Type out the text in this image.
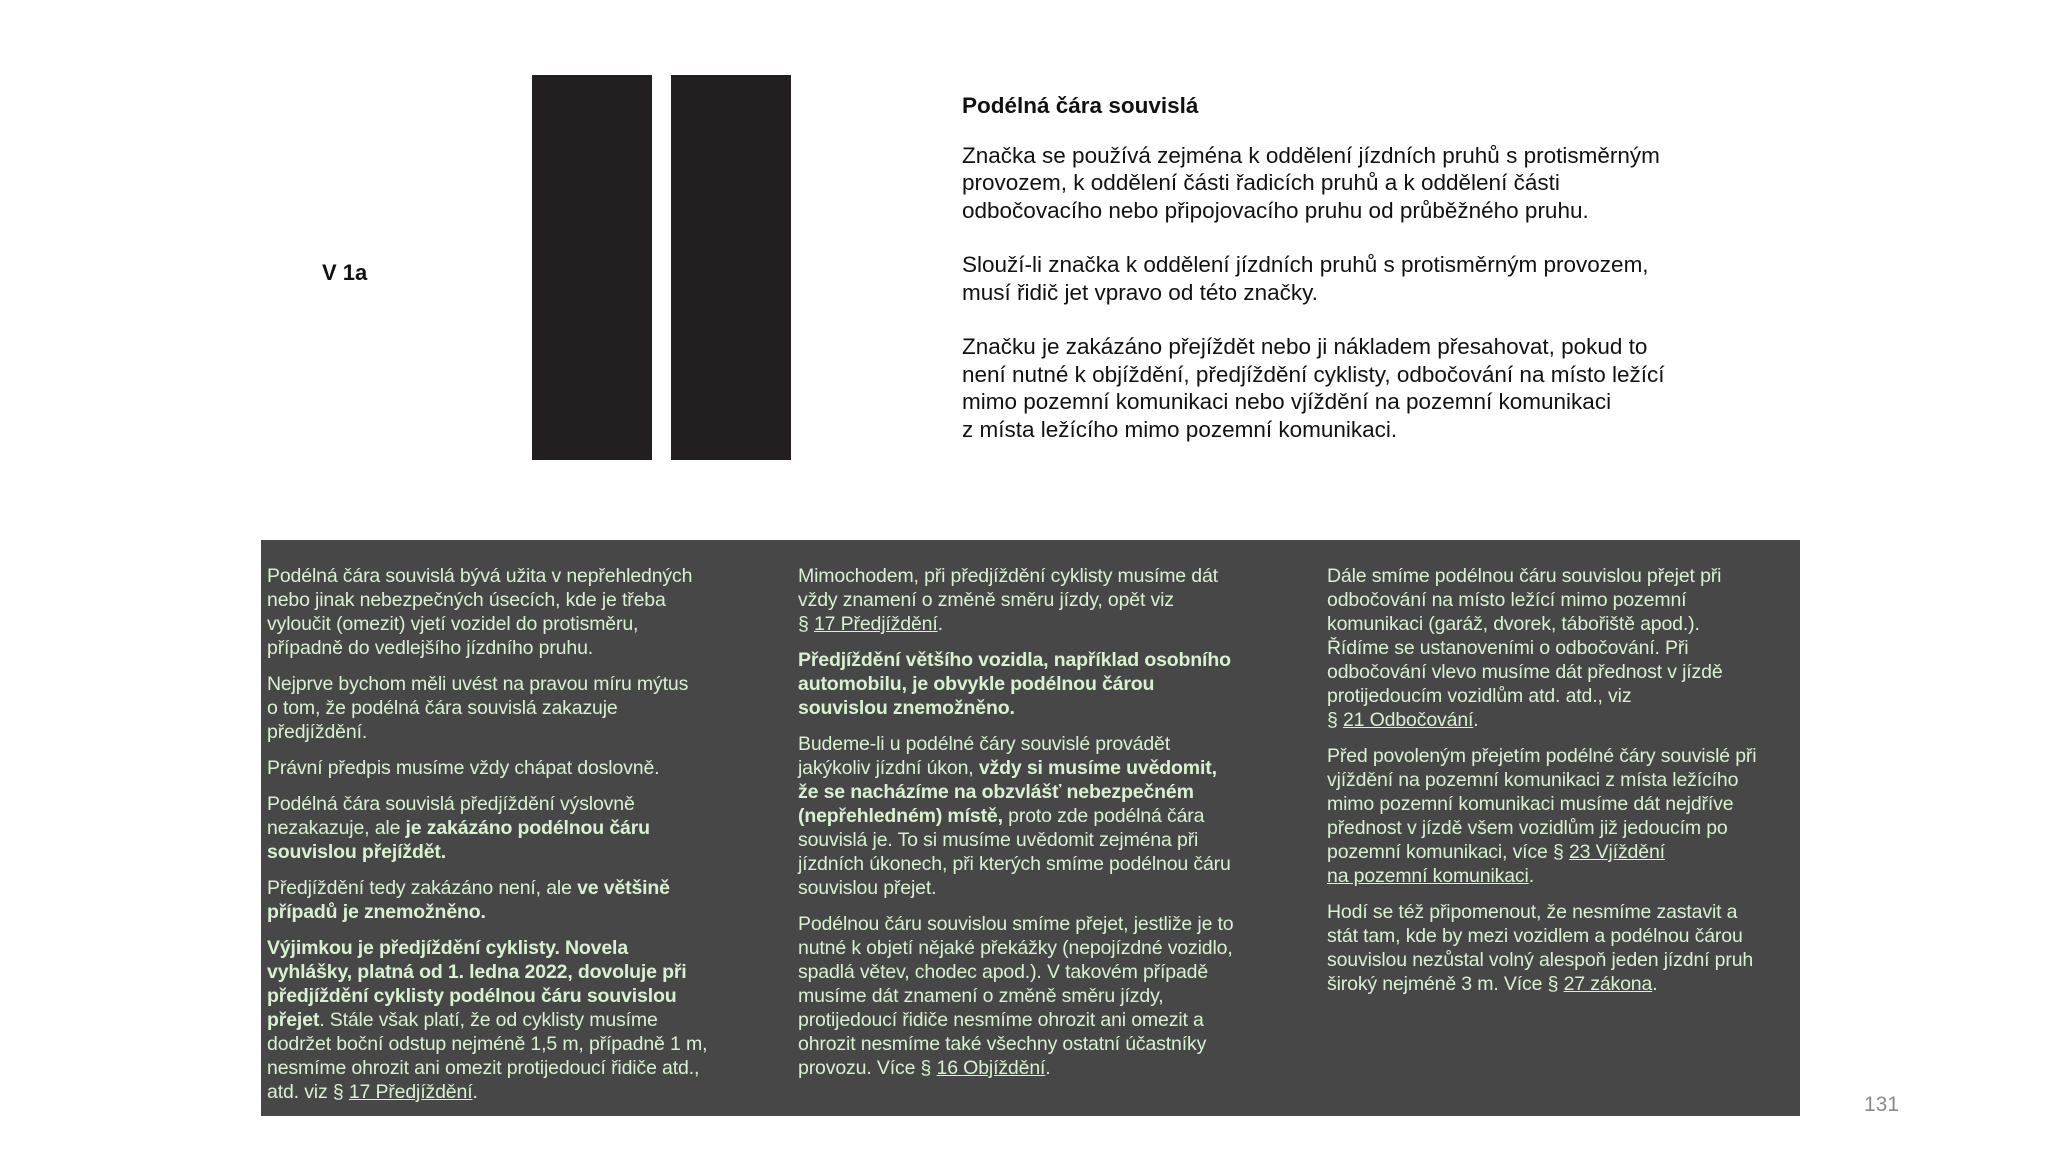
V 1a
Podélná čára souvislá

Značka se používá zejména k oddělení jízdních pruhů s protisměrným
provozem, k oddělení části řadicích pruhů a k oddělení části
odbočovacího nebo připojovacího pruhu od průběžného pruhu.

Slouží-li značka k oddělení jízdních pruhů s protisměrným provozem,
musí řidič jet vpravo od této značky.

Značku je zakázáno přejíždět nebo ji nákladem přesahovat, pokud to
není nutné k objíždění, předjíždění cyklisty, odbočování na místo ležící
mimo pozemní komunikaci nebo vjíždění na pozemní komunikaci
z místa ležícího mimo pozemní komunikaci.

Podélná čára souvislá bývá užita v nepřehledných
nebo jinak nebezpečných úsecích, kde je třeba
vyloučit (omezit) vjetí vozidel do protisměru,
případně do vedlejšího jízdního pruhu.

Nejprve bychom měli uvést na pravou míru mýtus
o tom, že podélná čára souvislá zakazuje
předjíždění.

Právní předpis musíme vždy chápat doslovně.

Podélná čára souvislá předjíždění výslovně
nezakazuje, ale je zakázáno podélnou čáru
souvislou přejíždět.

Předjíždění tedy zakázáno není, ale ve většině
případů je znemožněno.

Výjimkou je předjíždění cyklisty. Novela
vyhlášky, platná od 1. ledna 2022, dovoluje při
předjíždění cyklisty podélnou čáru souvislou
přejet. Stále však platí, že od cyklisty musíme
dodržet boční odstup nejméně 1,5 m, případně 1 m,
nesmíme ohrozit ani omezit protijedoucí řidiče atd.,
atd. viz § 17 Předjíždění.

Mimochodem, při předjíždění cyklisty musíme dát
vždy znamení o změně směru jízdy, opět viz
§ 17 Předjíždění.

Předjíždění většího vozidla, například osobního
automobilu, je obvykle podélnou čárou
souvislou znemožněno.

Budeme-li u podélné čáry souvislé provádět
jakýkoliv jízdní úkon, vždy si musíme uvědomit,
že se nacházíme na obzvlášť nebezpečném
(nepřehledném) místě, proto zde podélná čára
souvislá je. To si musíme uvědomit zejména při
jízdních úkonech, při kterých smíme podélnou čáru
souvislou přejet.

Podélnou čáru souvislou smíme přejet, jestliže je to
nutné k objetí nějaké překážky (nepojízdné vozidlo,
spadlá větev, chodec apod.). V takovém případě
musíme dát znamení o změně směru jízdy,
protijedoucí řidiče nesmíme ohrozit ani omezit a
ohrozit nesmíme také všechny ostatní účastníky
provozu. Více § 16 Objíždění.

Dále smíme podélnou čáru souvislou přejet při
odbočování na místo ležící mimo pozemní
komunikaci (garáž, dvorek, tábořiště apod.).
Řídíme se ustanoveními o odbočování. Při
odbočování vlevo musíme dát přednost v jízdě
protijedoucím vozidlům atd. atd., viz
§ 21 Odbočování.

Před povoleným přejetím podélné čáry souvislé při
vjíždění na pozemní komunikaci z místa ležícího
mimo pozemní komunikaci musíme dát nejdříve
přednost v jízdě všem vozidlům již jedoucím po
pozemní komunikaci, více § 23 Vjíždění
na pozemní komunikaci.

Hodí se též připomenout, že nesmíme zastavit a
stát tam, kde by mezi vozidlem a podélnou čárou
souvislou nezůstal volný alespoň jeden jízdní pruh
široký nejméně 3 m. Více § 27 zákona.

131
